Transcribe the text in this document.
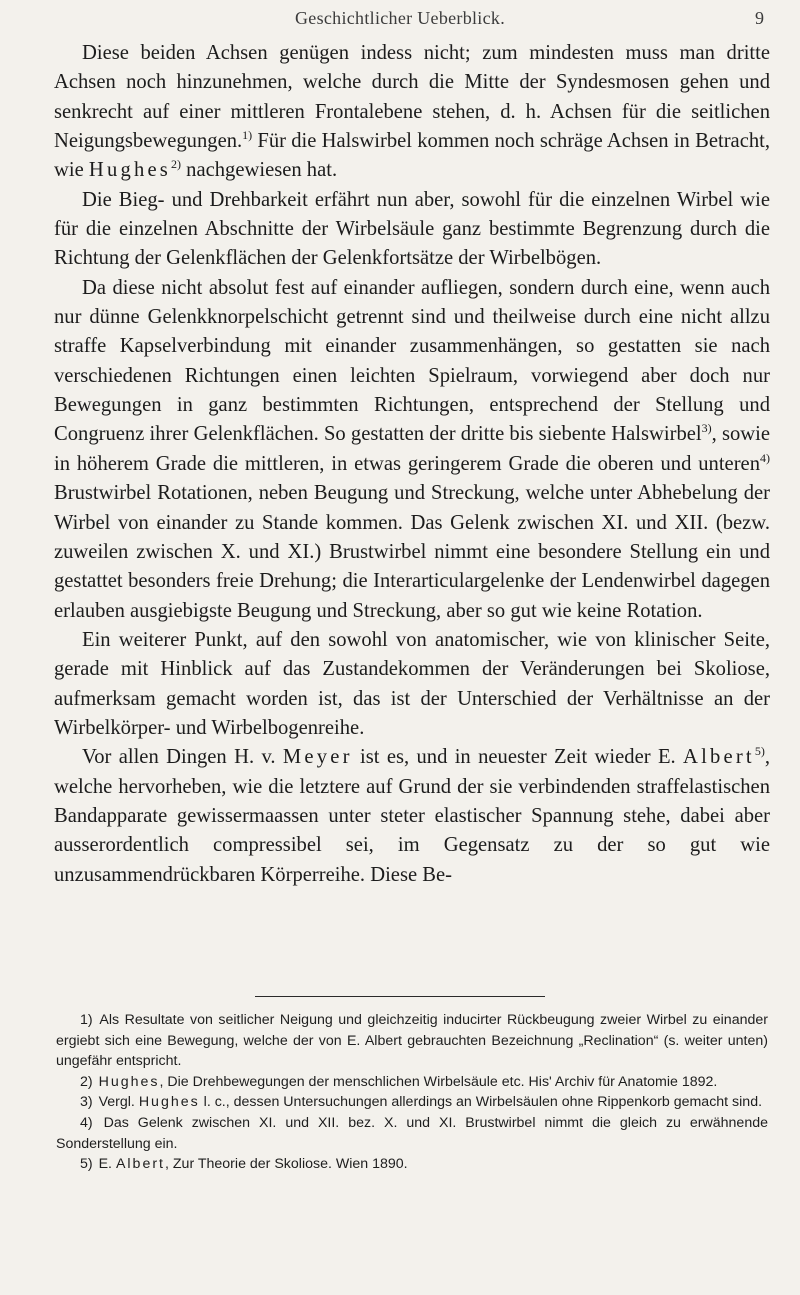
Geschichtlicher Ueberblick.	9

Diese beiden Achsen genügen indess nicht; zum mindesten muss man dritte Achsen noch hinzunehmen, welche durch die Mitte der Syndesmosen gehen und senkrecht auf einer mittleren Frontalebene stehen, d. h. Achsen für die seitlichen Neigungsbewegungen.$^{1)}$ Für die Halswirbel kommen noch schräge Achsen in Betracht, wie Hughes$^{2)}$ nachgewiesen hat.

Die Bieg- und Drehbarkeit erfährt nun aber, sowohl für die einzelnen Wirbel wie für die einzelnen Abschnitte der Wirbelsäule ganz bestimmte Begrenzung durch die Richtung der Gelenkflächen der Gelenkfortsätze der Wirbelbögen.

Da diese nicht absolut fest auf einander aufliegen, sondern durch eine, wenn auch nur dünne Gelenkknorpelschicht getrennt sind und theilweise durch eine nicht allzu straffe Kapselverbindung mit einander zusammenhängen, so gestatten sie nach verschiedenen Richtungen einen leichten Spielraum, vorwiegend aber doch nur Bewegungen in ganz bestimmten Richtungen, entsprechend der Stellung und Congruenz ihrer Gelenkflächen. So gestatten der dritte bis siebente Halswirbel$^{3)}$, sowie in höherem Grade die mittleren, in etwas geringerem Grade die oberen und unteren$^{4)}$ Brustwirbel Rotationen, neben Beugung und Streckung, welche unter Abhebelung der Wirbel von einander zu Stande kommen. Das Gelenk zwischen XI. und XII. (bezw. zuweilen zwischen X. und XI.) Brustwirbel nimmt eine besondere Stellung ein und gestattet besonders freie Drehung; die Interarticulargelenke der Lendenwirbel dagegen erlauben ausgiebigste Beugung und Streckung, aber so gut wie keine Rotation.

Ein weiterer Punkt, auf den sowohl von anatomischer, wie von klinischer Seite, gerade mit Hinblick auf das Zustandekommen der Veränderungen bei Skoliose, aufmerksam gemacht worden ist, das ist der Unterschied der Verhältnisse an der Wirbelkörper- und Wirbelbogenreihe.

Vor allen Dingen H. v. Meyer ist es, und in neuester Zeit wieder E. Albert$^{5)}$, welche hervorheben, wie die letztere auf Grund der sie verbindenden straffelastischen Bandapparate gewissermaassen unter steter elastischer Spannung stehe, dabei aber ausserordentlich compressibel sei, im Gegensatz zu der so gut wie unzusammendrückbaren Körperreihe. Diese Be-

1) Als Resultate von seitlicher Neigung und gleichzeitig inducirter Rückbeugung zweier Wirbel zu einander ergiebt sich eine Bewegung, welche der von E. Albert gebrauchten Bezeichnung „Reclination“ (s. weiter unten) ungefähr entspricht.

2) Hughes, Die Drehbewegungen der menschlichen Wirbelsäule etc. His' Archiv für Anatomie 1892.

3) Vergl. Hughes l. c., dessen Untersuchungen allerdings an Wirbelsäulen ohne Rippenkorb gemacht sind.

4) Das Gelenk zwischen XI. und XII. bez. X. und XI. Brustwirbel nimmt die gleich zu erwähnende Sonderstellung ein.

5) E. Albert, Zur Theorie der Skoliose. Wien 1890.
